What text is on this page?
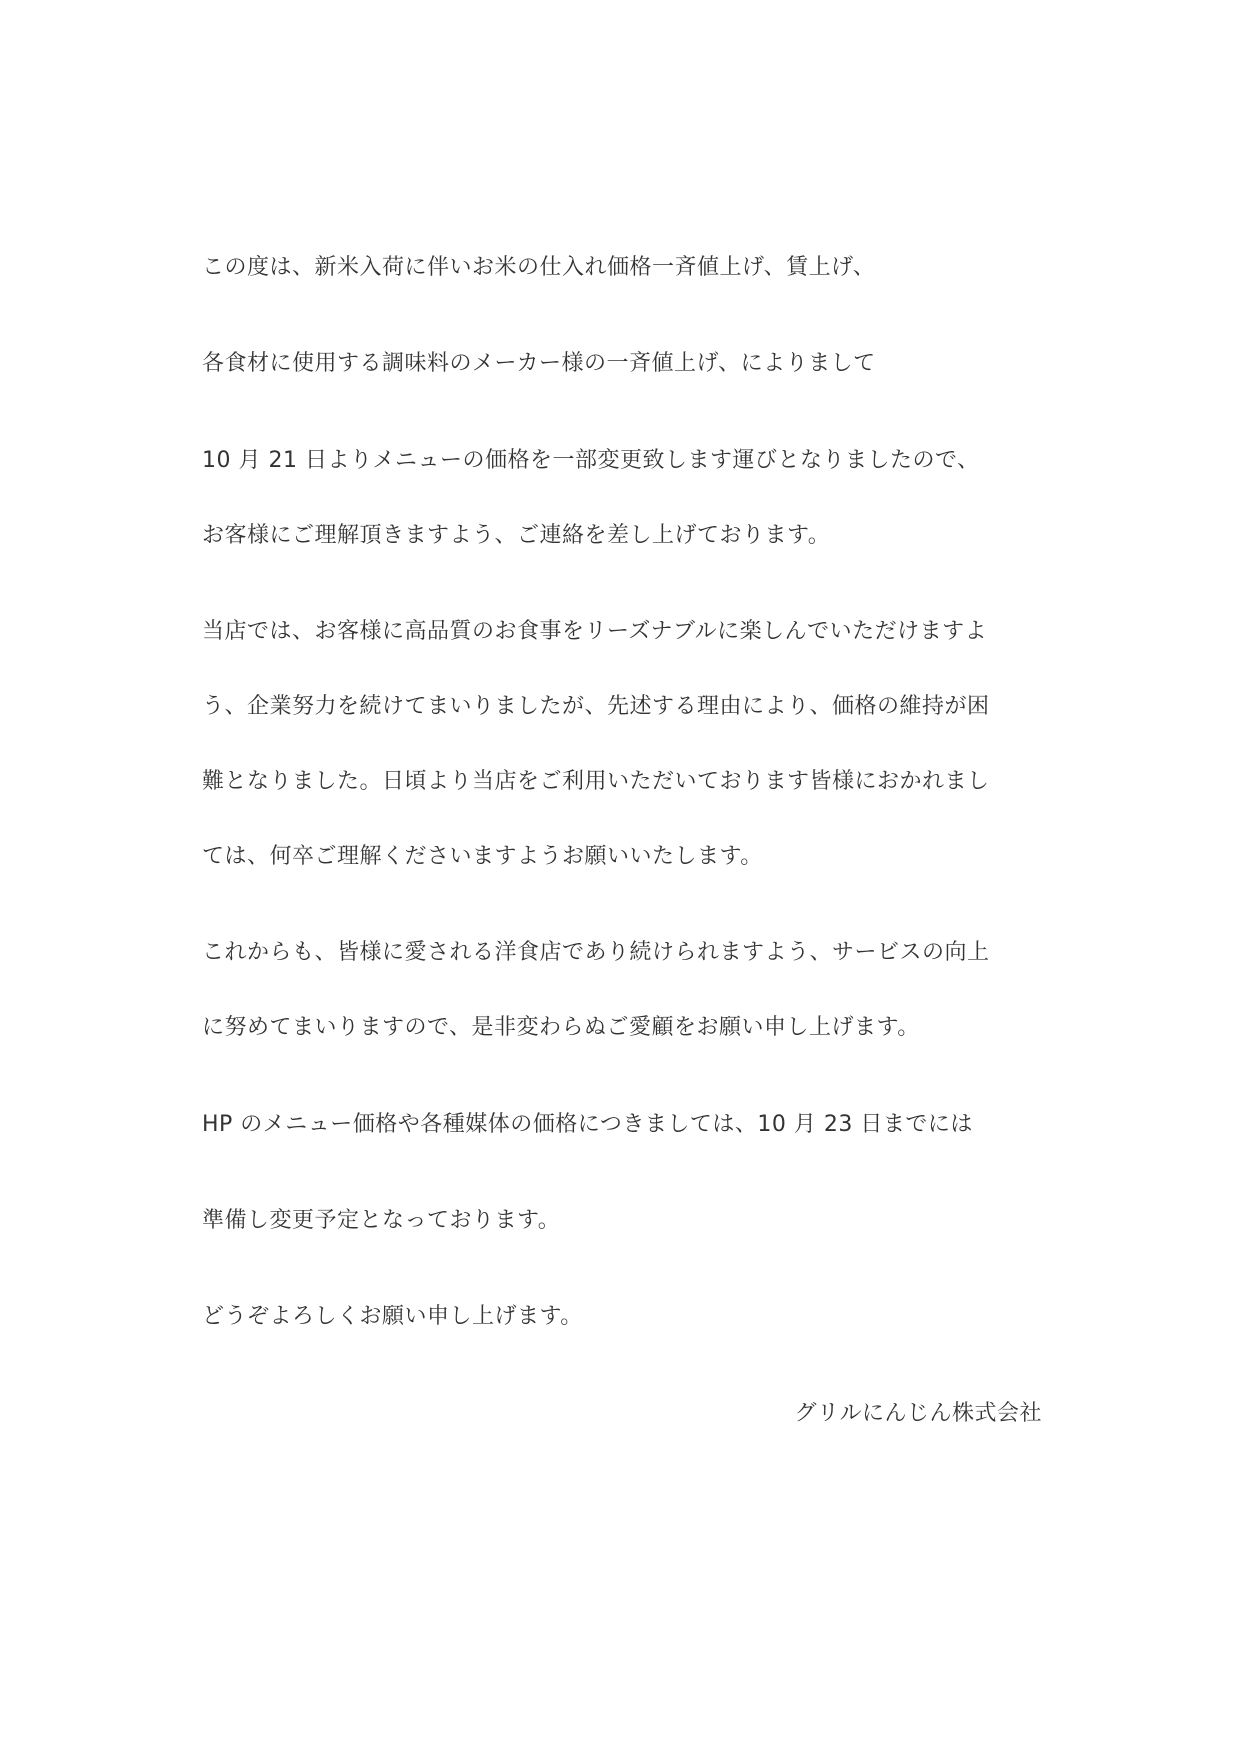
この度は、新米入荷に伴いお米の仕入れ価格一斉値上げ、賃上げ、
各食材に使用する調味料のメーカー様の一斉値上げ、によりまして
10 月 21 日よりメニューの価格を一部変更致します運びとなりましたので、
お客様にご理解頂きますよう、ご連絡を差し上げております。
当店では、お客様に高品質のお食事をリーズナブルに楽しんでいただけますよ
う、企業努力を続けてまいりましたが、先述する理由により、価格の維持が困
難となりました。日頃より当店をご利用いただいております皆様におかれまし
ては、何卒ご理解くださいますようお願いいたします。
これからも、皆様に愛される洋食店であり続けられますよう、サービスの向上
に努めてまいりますので、是非変わらぬご愛顧をお願い申し上げます。
HP のメニュー価格や各種媒体の価格につきましては、10 月 23 日までには
準備し変更予定となっております。
どうぞよろしくお願い申し上げます。
グリルにんじん株式会社
